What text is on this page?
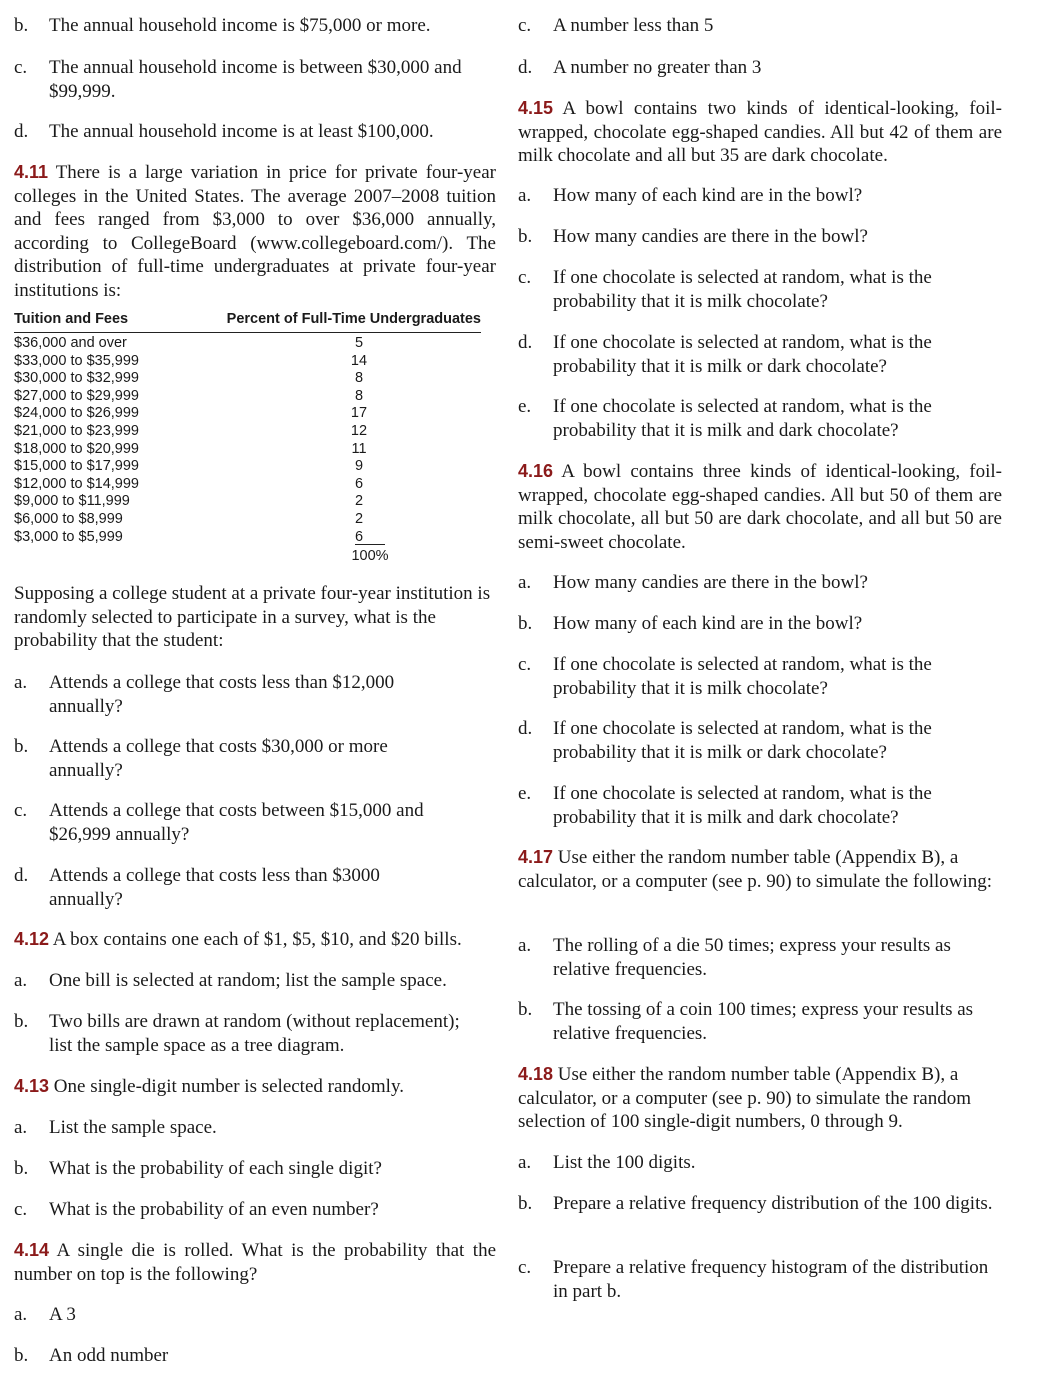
b.	The annual household income is $75,000 or more.
c.	The annual household income is between $30,000 and $99,999.
d.	The annual household income is at least $100,000.
4.11 There is a large variation in price for private four-year colleges in the United States. The average 2007–2008 tuition and fees ranged from $3,000 to over $36,000 annually, according to CollegeBoard (www.collegeboard.com/). The distribution of full-time undergraduates at private four-year institutions is:
Tuition and Fees	Percent of Full-Time Undergraduates
$36,000 and over	5
$33,000 to $35,999	14
$30,000 to $32,999	8
$27,000 to $29,999	8
$24,000 to $26,999	17
$21,000 to $23,999	12
$18,000 to $20,999	11
$15,000 to $17,999	9
$12,000 to $14,999	6
$9,000 to $11,999	2
$6,000 to $8,999	2
$3,000 to $5,999	6
100%
Supposing a college student at a private four-year institution is randomly selected to participate in a survey, what is the probability that the student:
a.	Attends a college that costs less than $12,000 annually?
b.	Attends a college that costs $30,000 or more annually?
c.	Attends a college that costs between $15,000 and $26,999 annually?
d.	Attends a college that costs less than $3000 annually?
4.12 A box contains one each of $1, $5, $10, and $20 bills.
a.	One bill is selected at random; list the sample space.
b.	Two bills are drawn at random (without replacement); list the sample space as a tree diagram.
4.13 One single-digit number is selected randomly.
a.	List the sample space.
b.	What is the probability of each single digit?
c.	What is the probability of an even number?
4.14 A single die is rolled. What is the probability that the number on top is the following?
a.	A 3
b.	An odd number
c.	A number less than 5
d.	A number no greater than 3
4.15 A bowl contains two kinds of identical-looking, foil-wrapped, chocolate egg-shaped candies. All but 42 of them are milk chocolate and all but 35 are dark chocolate.
a.	How many of each kind are in the bowl?
b.	How many candies are there in the bowl?
c.	If one chocolate is selected at random, what is the probability that it is milk chocolate?
d.	If one chocolate is selected at random, what is the probability that it is milk or dark chocolate?
e.	If one chocolate is selected at random, what is the probability that it is milk and dark chocolate?
4.16 A bowl contains three kinds of identical-looking, foil-wrapped, chocolate egg-shaped candies. All but 50 of them are milk chocolate, all but 50 are dark chocolate, and all but 50 are semi-sweet chocolate.
a.	How many candies are there in the bowl?
b.	How many of each kind are in the bowl?
c.	If one chocolate is selected at random, what is the probability that it is milk chocolate?
d.	If one chocolate is selected at random, what is the probability that it is milk or dark chocolate?
e.	If one chocolate is selected at random, what is the probability that it is milk and dark chocolate?
4.17 Use either the random number table (Appendix B), a calculator, or a computer (see p. 90) to simulate the following:
a.	The rolling of a die 50 times; express your results as relative frequencies.
b.	The tossing of a coin 100 times; express your results as relative frequencies.
4.18 Use either the random number table (Appendix B), a calculator, or a computer (see p. 90) to simulate the random selection of 100 single-digit numbers, 0 through 9.
a.	List the 100 digits.
b.	Prepare a relative frequency distribution of the 100 digits.
c.	Prepare a relative frequency histogram of the distribution in part b.
